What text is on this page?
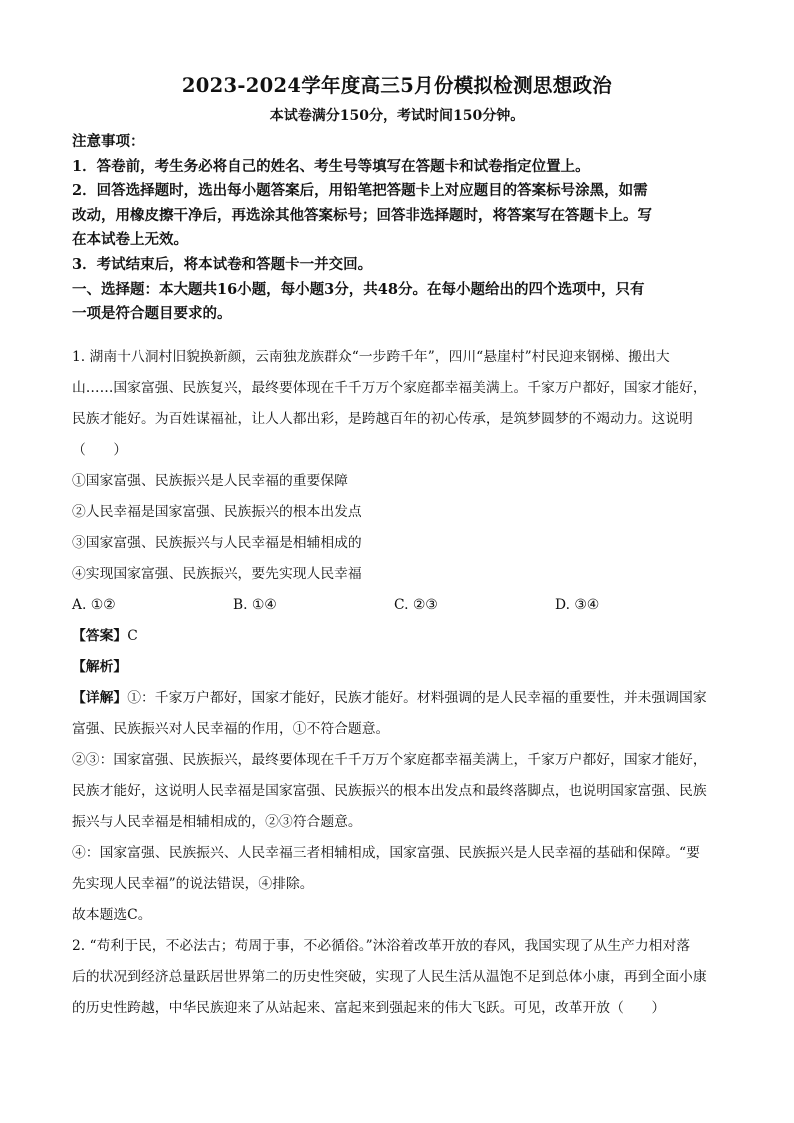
2023-2024学年度高三5月份模拟检测思想政治
本试卷满分150分，考试时间150分钟。

注意事项：

1．答卷前，考生务必将自己的姓名、考生号等填写在答题卡和试卷指定位置上。

2．回答选择题时，选出每小题答案后，用铅笔把答题卡上对应题目的答案标号涂黑，如需

改动，用橡皮擦干净后，再选涂其他答案标号；回答非选择题时，将答案写在答题卡上。写

在本试卷上无效。

3．考试结束后，将本试卷和答题卡一并交回。

一、选择题：本大题共16小题，每小题3分，共48分。在每小题给出的四个选项中，只有

一项是符合题目要求的。

1. 湖南十八洞村旧貌换新颜，云南独龙族群众“一步跨千年”，四川“悬崖村”村民迎来钢梯、搬出大

山……国家富强、民族复兴，最终要体现在千千万万个家庭都幸福美满上。千家万户都好，国家才能好，

民族才能好。为百姓谋福祉，让人人都出彩，是跨越百年的初心传承，是筑梦圆梦的不竭动力。这说明

（　　）

①国家富强、民族振兴是人民幸福的重要保障

②人民幸福是国家富强、民族振兴的根本出发点

③国家富强、民族振兴与人民幸福是相辅相成的

④实现国家富强、民族振兴，要先实现人民幸福

A. ①②	B. ①④	C. ②③	D. ③④

【答案】C

【解析】

【详解】①：千家万户都好，国家才能好，民族才能好。材料强调的是人民幸福的重要性，并未强调国家

富强、民族振兴对人民幸福的作用，①不符合题意。

②③：国家富强、民族振兴，最终要体现在千千万万个家庭都幸福美满上，千家万户都好，国家才能好，

民族才能好，这说明人民幸福是国家富强、民族振兴的根本出发点和最终落脚点，也说明国家富强、民族

振兴与人民幸福是相辅相成的，②③符合题意。

④：国家富强、民族振兴、人民幸福三者相辅相成，国家富强、民族振兴是人民幸福的基础和保障。“要

先实现人民幸福”的说法错误，④排除。

故本题选C。

2. “苟利于民，不必法古；苟周于事，不必循俗。”沐浴着改革开放的春风，我国实现了从生产力相对落

后的状况到经济总量跃居世界第二的历史性突破，实现了人民生活从温饱不足到总体小康，再到全面小康

的历史性跨越，中华民族迎来了从站起来、富起来到强起来的伟大飞跃。可见，改革开放（　　）
